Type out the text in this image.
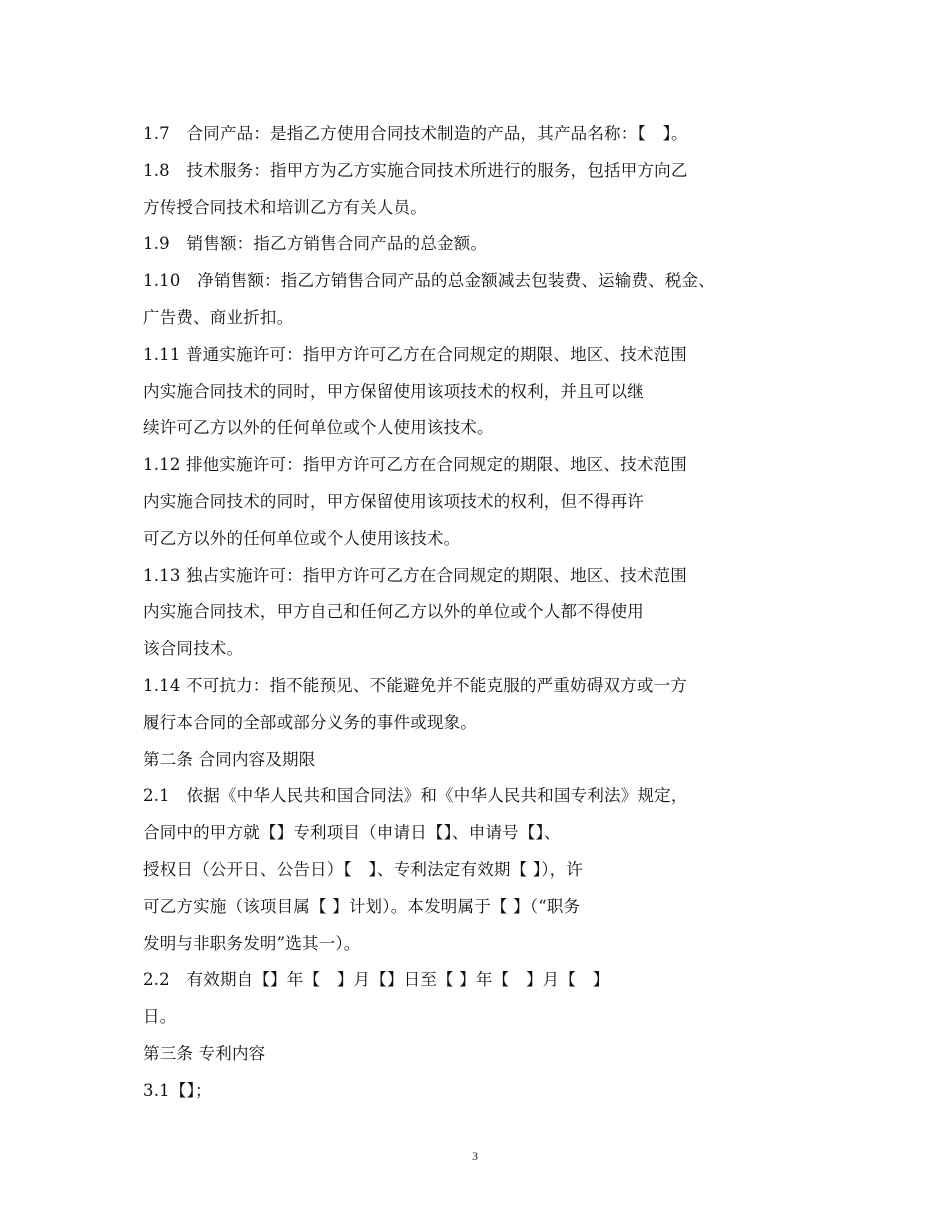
1.7　合同产品：是指乙方使用合同技术制造的产品，其产品名称：【　】。
1.8　技术服务：指甲方为乙方实施合同技术所进行的服务，包括甲方向乙
方传授合同技术和培训乙方有关人员。
1.9　销售额：指乙方销售合同产品的总金额。
1.10　净销售额：指乙方销售合同产品的总金额减去包装费、运输费、税金、
广告费、商业折扣。
1.11 普通实施许可：指甲方许可乙方在合同规定的期限、地区、技术范围
内实施合同技术的同时，甲方保留使用该项技术的权利，并且可以继
续许可乙方以外的任何单位或个人使用该技术。
1.12 排他实施许可：指甲方许可乙方在合同规定的期限、地区、技术范围
内实施合同技术的同时，甲方保留使用该项技术的权利，但不得再许
可乙方以外的任何单位或个人使用该技术。
1.13 独占实施许可：指甲方许可乙方在合同规定的期限、地区、技术范围
内实施合同技术，甲方自己和任何乙方以外的单位或个人都不得使用
该合同技术。
1.14 不可抗力：指不能预见、不能避免并不能克服的严重妨碍双方或一方
履行本合同的全部或部分义务的事件或现象。
第二条 合同内容及期限
2.1　依据《中华人民共和国合同法》和《中华人民共和国专利法》规定，
合同中的甲方就【】专利项目（申请日【】、申请号【】、
授权日（公开日、公告日）【　】、专利法定有效期【 】），许
可乙方实施（该项目属【 】计划）。本发明属于【 】（“职务
发明与非职务发明”选其一）。
2.2　有效期自【】年【　】月【】日至【 】年【　】月【　】
日。
第三条 专利内容
3.1【】；
3
